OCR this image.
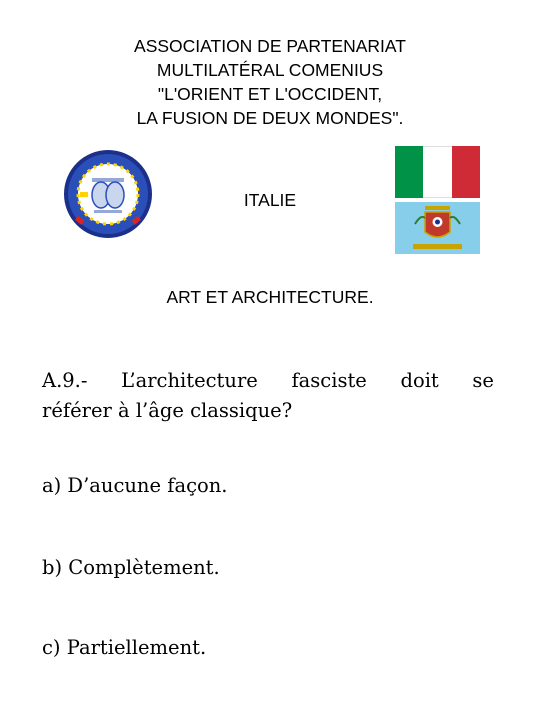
ASSOCIATION DE PARTENARIAT
MULTILATÉRAL COMENIUS
"L'ORIENT ET L'OCCIDENT,
LA FUSION DE DEUX MONDES".
ITALIE
ART ET ARCHITECTURE.
A.9.- L’architecture fasciste doit se
référer à l’âge classique?
a) D’aucune façon.
b) Complètement.
c) Partiellement.
